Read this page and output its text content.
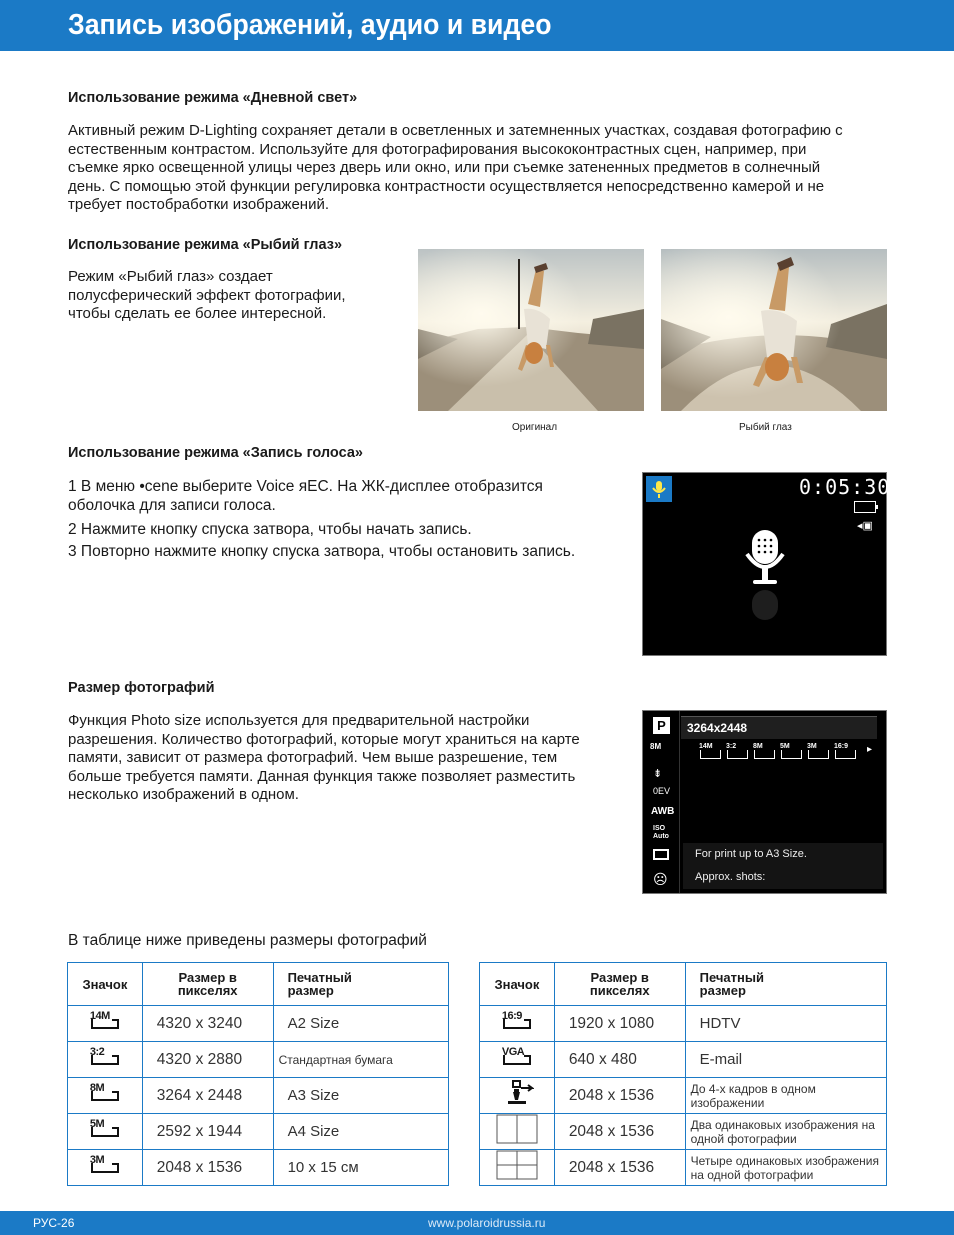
Запись изображений, аудио и видео
Использование режима «Дневной свет»

Активный режим D-Lighting сохраняет детали в осветленных и затемненных участках, создавая фотографию с естественным контрастом. Используйте для фотографирования высококонтрастных сцен, например, при съемке ярко освещенной улицы через дверь или окно, или при съемке затененных предметов в солнечный день. С помощью этой функции регулировка контрастности осуществляется непосредственно камерой и не требует постобработки изображений.

Использование режима «Рыбий глаз»

Режим «Рыбий глаз» создает полусферический эффект фотографии, чтобы сделать ее более интересной.

Оригинал	Рыбий глаз
Использование режима «Запись голоса»

1 В меню •cene выберите Voice яEC. На ЖК-дисплее отобразится оболочка для записи голоса.

2 Нажмите кнопку спуска затвора, чтобы начать запись.

3 Повторно нажмите кнопку спуска затвора, чтобы остановить запись.

0:05:30
◂▣
Размер фотографий

Функция Photo size используется для предварительной настройки разрешения. Количество фотографий, которые могут храниться на карте памяти, зависит от размера фотографий. Чем выше разрешение, тем больше требуется памяти. Данная функция также позволяет разместить несколько изображений в одном.

P
8M
⇟
0EV
AWB
ISO Auto
☹
3264x2448
14M	3:2	8M	5M	3M	16:9	▸
For print up to A3 Size.
Approx. shots:
В таблице ниже приведены размеры фотографий
Значок	Размер в пикселях	Печатный размер

14M	4320 x 3240	A2 Size

3:2	4320 x 2880	Стандартная бумага

8M	3264 x 2448	A3 Size

5M	2592 x 1944	A4 Size

3M	2048 x 1536	10 x 15 см
Значок	Размер в пикселях	Печатный размер

16:9	1920 x 1080	HDTV

VGA	640 x 480	E-mail
	2048 x 1536	До 4-х кадров в одном изображении
	2048 x 1536	Два одинаковых изображения на одной фотографии
	2048 x 1536	Четыре одинаковых изображения на одной фотографии
РУС-26	www.polaroidrussia.ru
